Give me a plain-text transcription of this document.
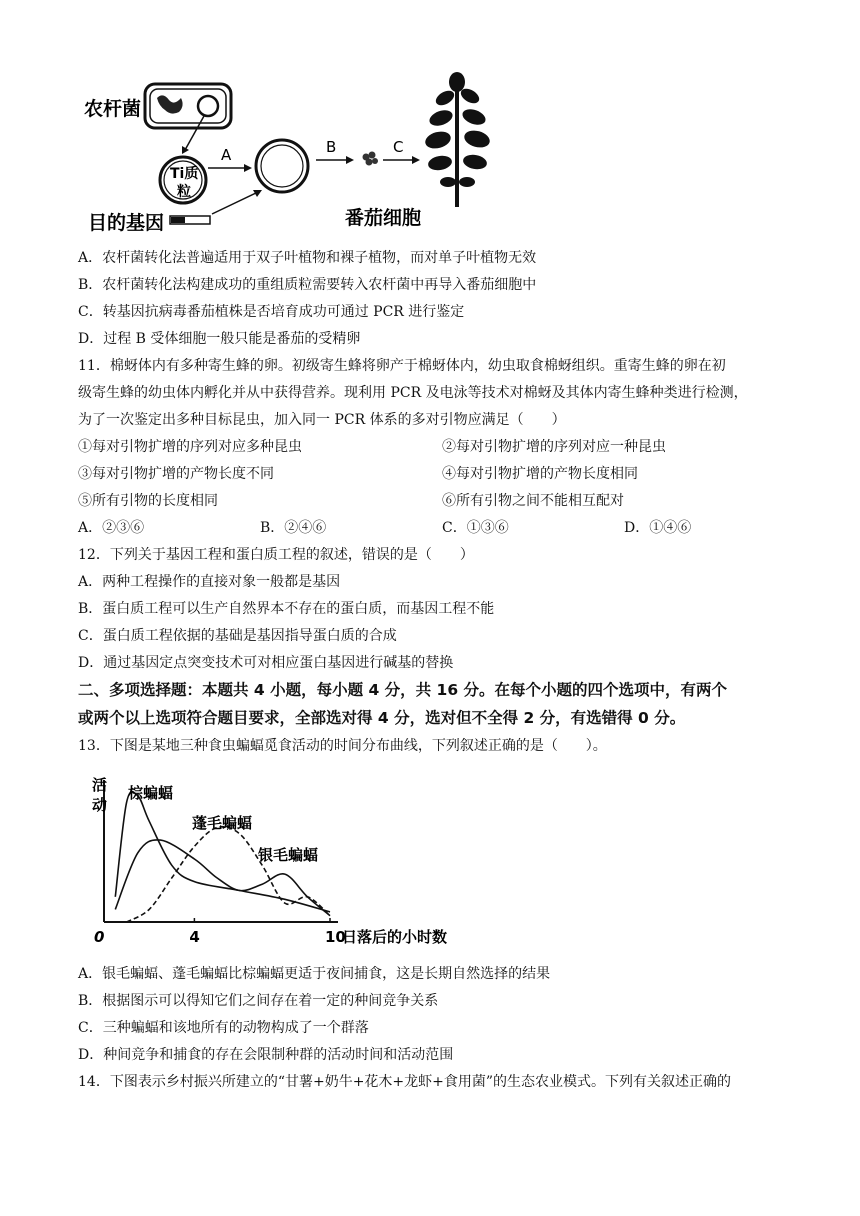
农杆菌
Ti质
粒
A
目的基因
B	C
番茄细胞
A．农杆菌转化法普遍适用于双子叶植物和裸子植物，而对单子叶植物无效
B．农杆菌转化法构建成功的重组质粒需要转入农杆菌中再导入番茄细胞中
C．转基因抗病毒番茄植株是否培育成功可通过 PCR 进行鉴定
D．过程 B 受体细胞一般只能是番茄的受精卵
11．棉蚜体内有多种寄生蜂的卵。初级寄生蜂将卵产于棉蚜体内，幼虫取食棉蚜组织。重寄生蜂的卵在初
级寄生蜂的幼虫体内孵化并从中获得营养。现利用 PCR 及电泳等技术对棉蚜及其体内寄生蜂种类进行检测，
为了一次鉴定出多种目标昆虫，加入同一 PCR 体系的多对引物应满足（　　）
①每对引物扩增的序列对应多种昆虫	②每对引物扩增的序列对应一种昆虫
③每对引物扩增的产物长度不同	④每对引物扩增的产物长度相同
⑤所有引物的长度相同	⑥所有引物之间不能相互配对
A．②③⑥	B．②④⑥	C．①③⑥	D．①④⑥
12．下列关于基因工程和蛋白质工程的叙述，错误的是（　　）
A．两种工程操作的直接对象一般都是基因
B．蛋白质工程可以生产自然界本不存在的蛋白质，而基因工程不能
C．蛋白质工程依据的基础是基因指导蛋白质的合成
D．通过基因定点突变技术可对相应蛋白基因进行碱基的替换
二、多项选择题：本题共 4 小题，每小题 4 分，共 16 分。在每个小题的四个选项中，有两个
或两个以上选项符合题目要求，全部选对得 4 分，选对但不全得 2 分，有选错得 0 分。
13．下图是某地三种食虫蝙蝠觅食活动的时间分布曲线，下列叙述正确的是（　　）。
活
动
0	4	10
日落后的小时数
棕蝙蝠
蓬毛蝙蝠
银毛蝙蝠
A．银毛蝙蝠、蓬毛蝙蝠比棕蝙蝠更适于夜间捕食，这是长期自然选择的结果
B．根据图示可以得知它们之间存在着一定的种间竞争关系
C．三种蝙蝠和该地所有的动物构成了一个群落
D．种间竞争和捕食的存在会限制种群的活动时间和活动范围
14．下图表示乡村振兴所建立的“甘薯+奶牛+花木+龙虾+食用菌”的生态农业模式。下列有关叙述正确的
